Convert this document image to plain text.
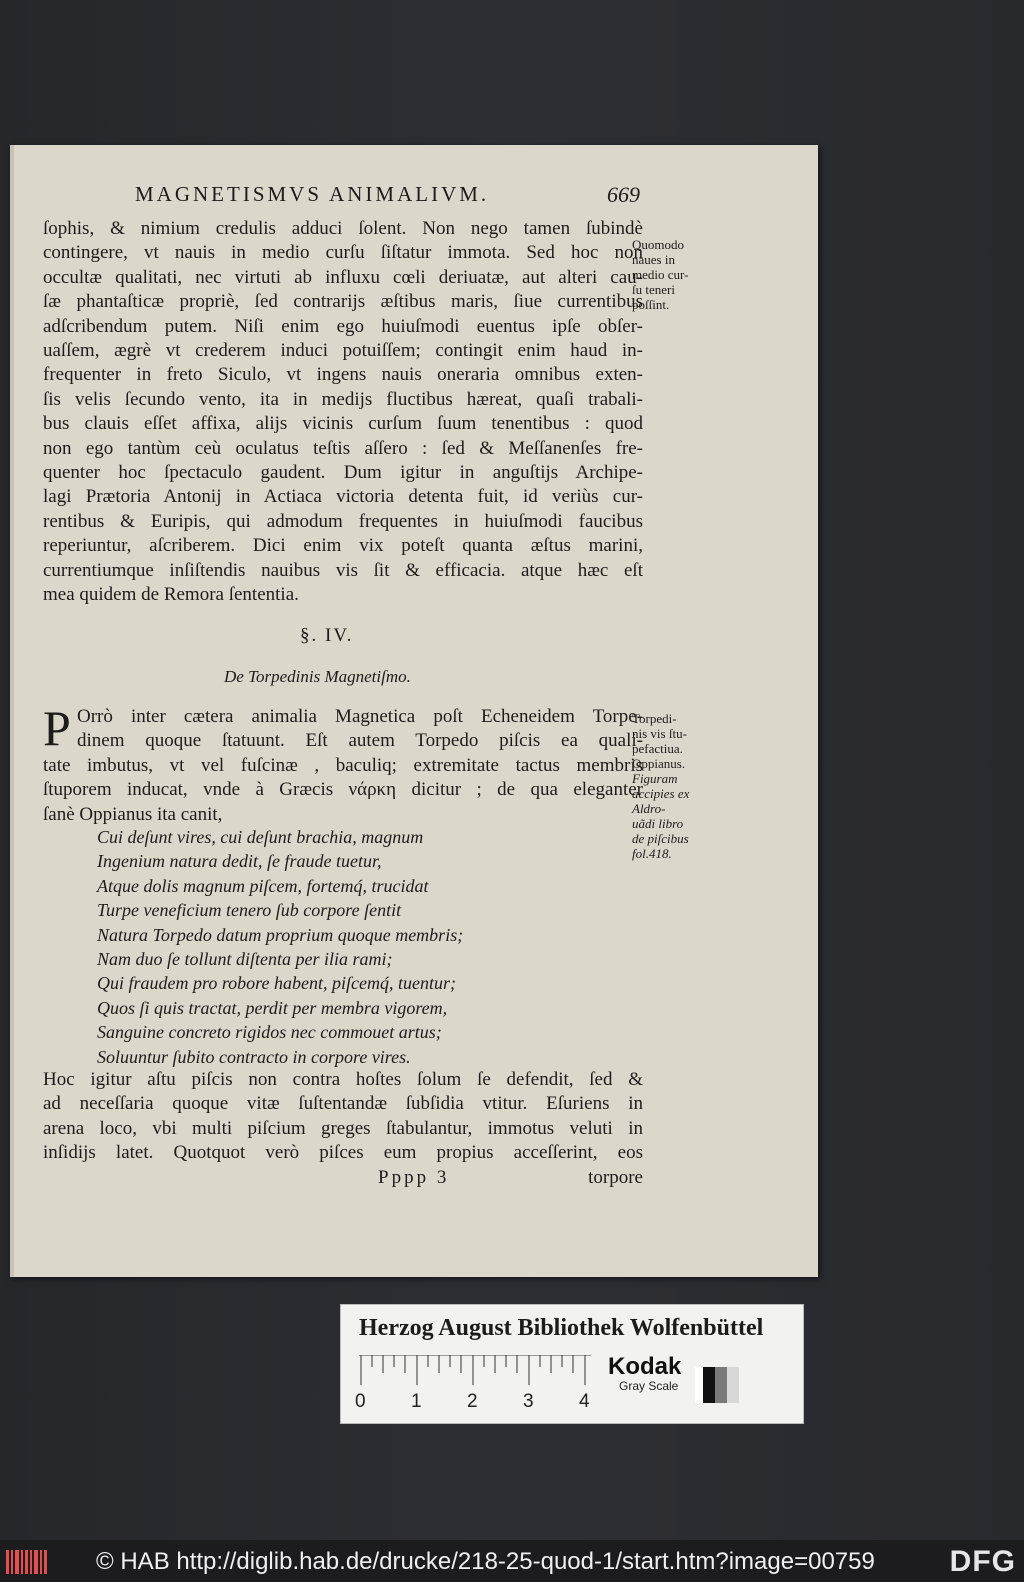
MAGNETISMVS ANIMALIVM.	669
ſophis, & nimium credulis adduci ſolent. Non nego tamen ſubindè
contingere, vt nauis in medio curſu ſiſtatur immota. Sed hoc non
occultæ qualitati, nec virtuti ab influxu cœli deriuatæ, aut alteri cau-
ſæ phantaſticæ propriè, ſed contrarijs æſtibus maris, ſiue currentibus
adſcribendum putem. Niſi enim ego huiuſmodi euentus ipſe obſer-
uaſſem, ægrè vt crederem induci potuiſſem; contingit enim haud in-
frequenter in freto Siculo, vt ingens nauis oneraria omnibus exten-
ſis velis ſecundo vento, ita in medijs fluctibus hæreat, quaſi trabali-
bus clauis eſſet affixa, alijs vicinis curſum ſuum tenentibus : quod
non ego tantùm ceù oculatus teſtis aſſero : ſed & Meſſanenſes fre-
quenter hoc ſpectaculo gaudent. Dum igitur in anguſtijs Archipe-
lagi Prætoria Antonij in Actiaca victoria detenta fuit, id veriùs cur-
rentibus & Euripis, qui admodum frequentes in huiuſmodi faucibus
reperiuntur, aſcriberem. Dici enim vix poteſt quanta æſtus marini,
currentiumque inſiſtendis nauibus vis ſit & efficacia. atque hæc eſt
mea quidem de Remora ſententia.
Quomodo
naues in
medio cur-
ſu teneri
poſſint.
§. IV.
De Torpedinis Magnetiſmo.
P Orrò inter cætera animalia Magnetica poſt Echeneidem Torpe-
dinem quoque ſtatuunt. Eſt autem Torpedo piſcis ea quali-
tate imbutus, vt vel fuſcinæ , baculiq; extremitate tactus membris
ſtuporem inducat, vnde à Græcis νάρκη dicitur ; de qua eleganter
ſanè Oppianus ita canit,
Torpedi-
nis vis ſtu-
pefactiua.
Oppianus.
Figuram
accipies ex
Aldro-
uãdi libro
de piſcibus
fol.418.
Cui deſunt vires, cui deſunt brachia, magnum
Ingenium natura dedit, ſe fraude tuetur,
Atque dolis magnum piſcem, fortemq́, trucidat
Turpe veneficium tenero ſub corpore ſentit
Natura Torpedo datum proprium quoque membris;
Nam duo ſe tollunt diſtenta per ilia rami;
Qui fraudem pro robore habent, piſcemq́, tuentur;
Quos ſi quis tractat, perdit per membra vigorem,
Sanguine concreto rigidos nec commouet artus;
Soluuntur ſubito contracto in corpore vires.
Hoc igitur aſtu piſcis non contra hoſtes ſolum ſe defendit, ſed &
ad neceſſaria quoque vitæ ſuſtentandæ ſubſidia vtitur. Eſuriens in
arena loco, vbi multi piſcium greges ſtabulantur, immotus veluti in
inſidijs latet. Quotquot verò piſces eum propius acceſſerint, eos
Pppp 3	torpore
Herzog August Bibliothek Wolfenbüttel
0 1 2 3 4
Kodak
Gray Scale
© HAB http://diglib.hab.de/drucke/218-25-quod-1/start.htm?image=00759 DFG
